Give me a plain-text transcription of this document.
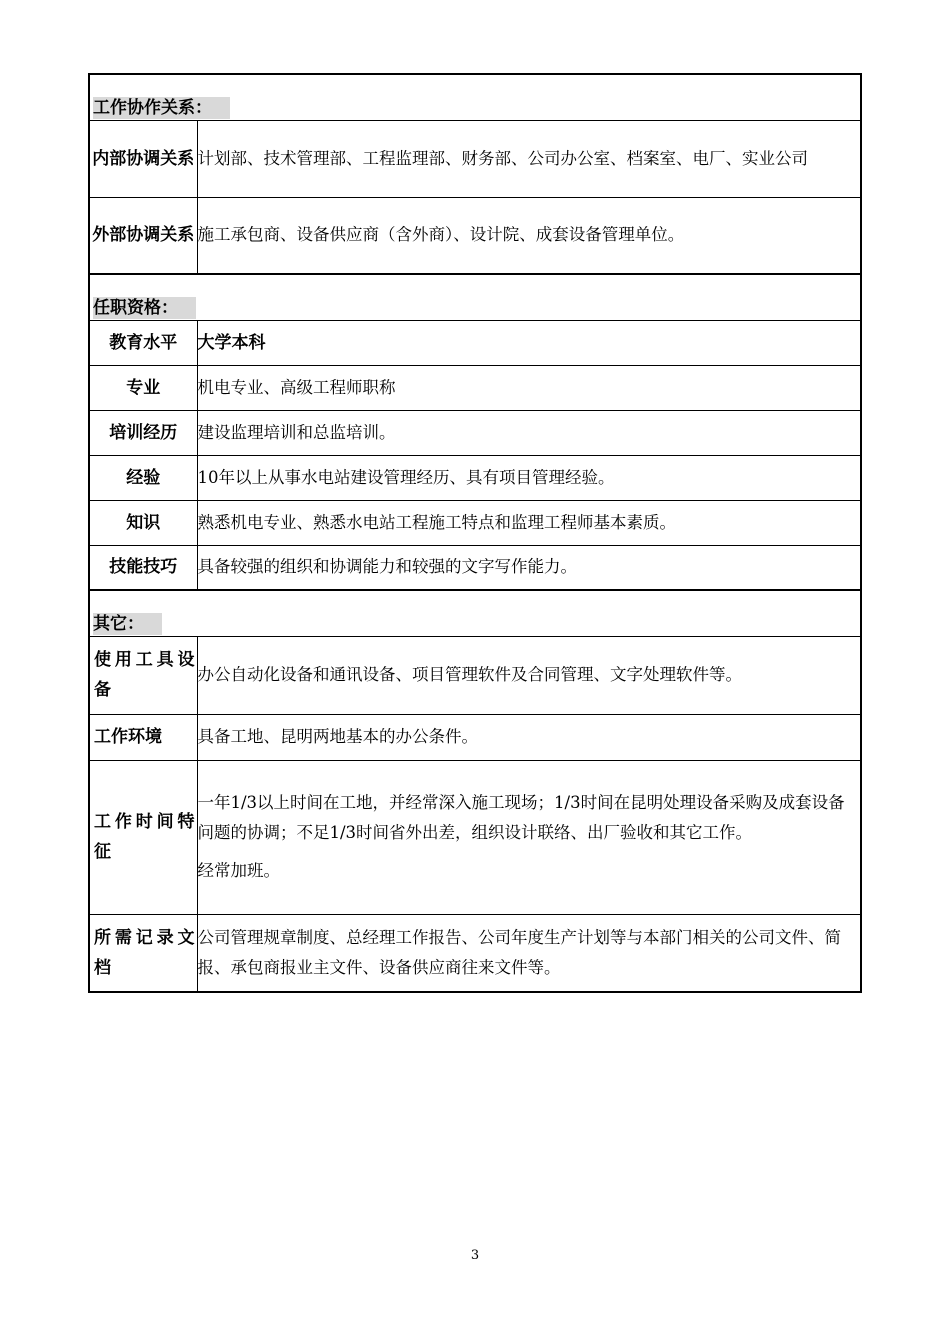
工作协作关系：	
内部协调关系	计划部、技术管理部、工程监理部、财务部、公司办公室、档案室、电厂、实业公司
外部协调关系	施工承包商、设备供应商（含外商）、设计院、成套设备管理单位。
任职资格：	
教育水平	大学本科
专业	机电专业、高级工程师职称
培训经历	建设监理培训和总监培训。
经验	10年以上从事水电站建设管理经历、具有项目管理经验。
知识	熟悉机电专业、熟悉水电站工程施工特点和监理工程师基本素质。
技能技巧	具备较强的组织和协调能力和较强的文字写作能力。
其它：	
使用工具设备	办公自动化设备和通讯设备、项目管理软件及合同管理、文字处理软件等。
工作环境	具备工地、昆明两地基本的办公条件。
工作时间特征	一年1/3以上时间在工地，并经常深入施工现场；1/3时间在昆明处理设备采购及成套设备问题的协调；不足1/3时间省外出差，组织设计联络、出厂验收和其它工作。

经常加班。

所需记录文档	公司管理规章制度、总经理工作报告、公司年度生产计划等与本部门相关的公司文件、简报、承包商报业主文件、设备供应商往来文件等。
3
